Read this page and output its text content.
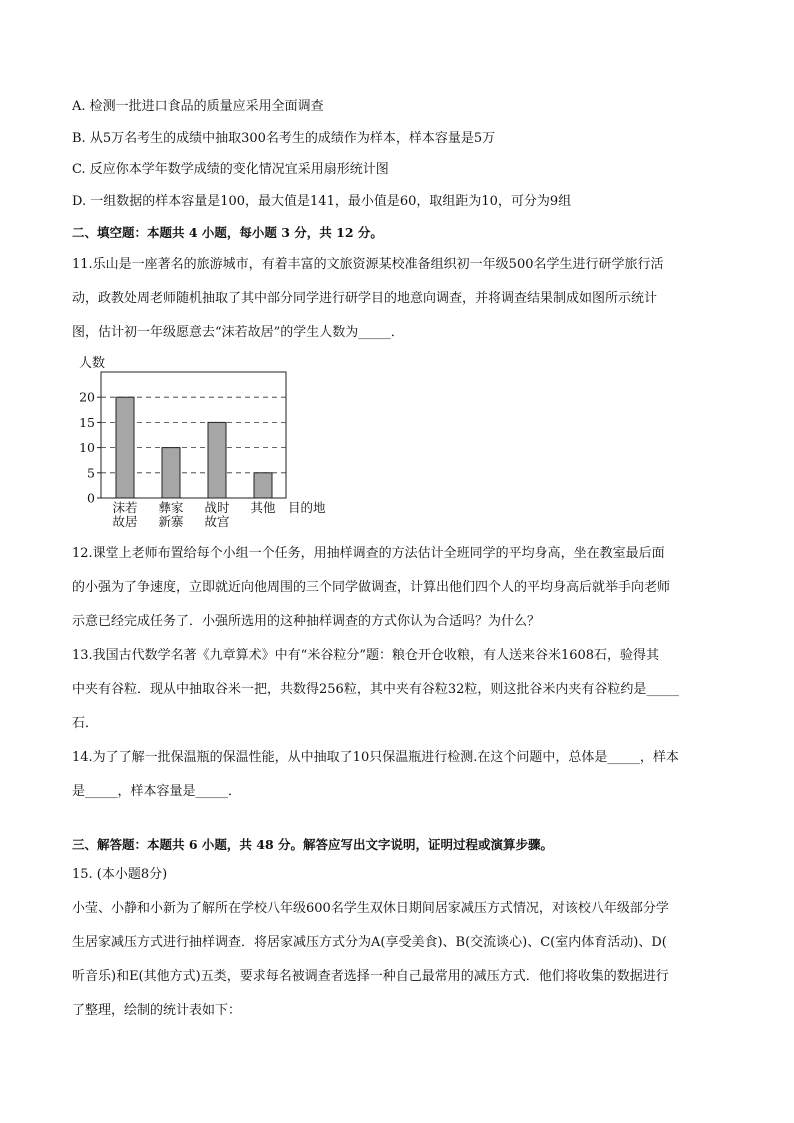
A. 检测一批进口食品的质量应采用全面调查
B. 从5万名考生的成绩中抽取300名考生的成绩作为样本，样本容量是5万
C. 反应你本学年数学成绩的变化情况宜采用扇形统计图
D. 一组数据的样本容量是100，最大值是141，最小值是60，取组距为10，可分为9组
二、填空题：本题共 4 小题，每小题 3 分，共 12 分。
11.乐山是一座著名的旅游城市，有着丰富的文旅资源某校准备组织初一年级500名学生进行研学旅行活
动，政教处周老师随机抽取了其中部分同学进行研学目的地意向调查，并将调查结果制成如图所示统计
图，估计初一年级愿意去“沫若故居”的学生人数为_____．
0
5
10
15
20
人数
沫若
故居
彝家
新寨
战时
故宫
其他 目的地
12.课堂上老师布置给每个小组一个任务，用抽样调查的方法估计全班同学的平均身高，坐在教室最后面
的小强为了争速度，立即就近向他周围的三个同学做调查，计算出他们四个人的平均身高后就举手向老师
示意已经完成任务了．小强所选用的这种抽样调查的方式你认为合适吗？为什么？
13.我国古代数学名著《九章算术》中有“米谷粒分”题：粮仓开仓收粮，有人送来谷米1608石，验得其
中夹有谷粒．现从中抽取谷米一把，共数得256粒，其中夹有谷粒32粒，则这批谷米内夹有谷粒约是_____
石．
14.为了了解一批保温瓶的保温性能，从中抽取了10只保温瓶进行检测.在这个问题中，总体是_____，样本
是_____，样本容量是_____．
三、解答题：本题共 6 小题，共 48 分。解答应写出文字说明，证明过程或演算步骤。
15. (本小题8分)
小莹、小静和小新为了解所在学校八年级600名学生双休日期间居家减压方式情况，对该校八年级部分学
生居家减压方式进行抽样调查．将居家减压方式分为A(享受美食)、B(交流谈心)、C(室内体育活动)、D(
听音乐)和E(其他方式)五类，要求每名被调查者选择一种自己最常用的减压方式．他们将收集的数据进行
了整理，绘制的统计表如下：
